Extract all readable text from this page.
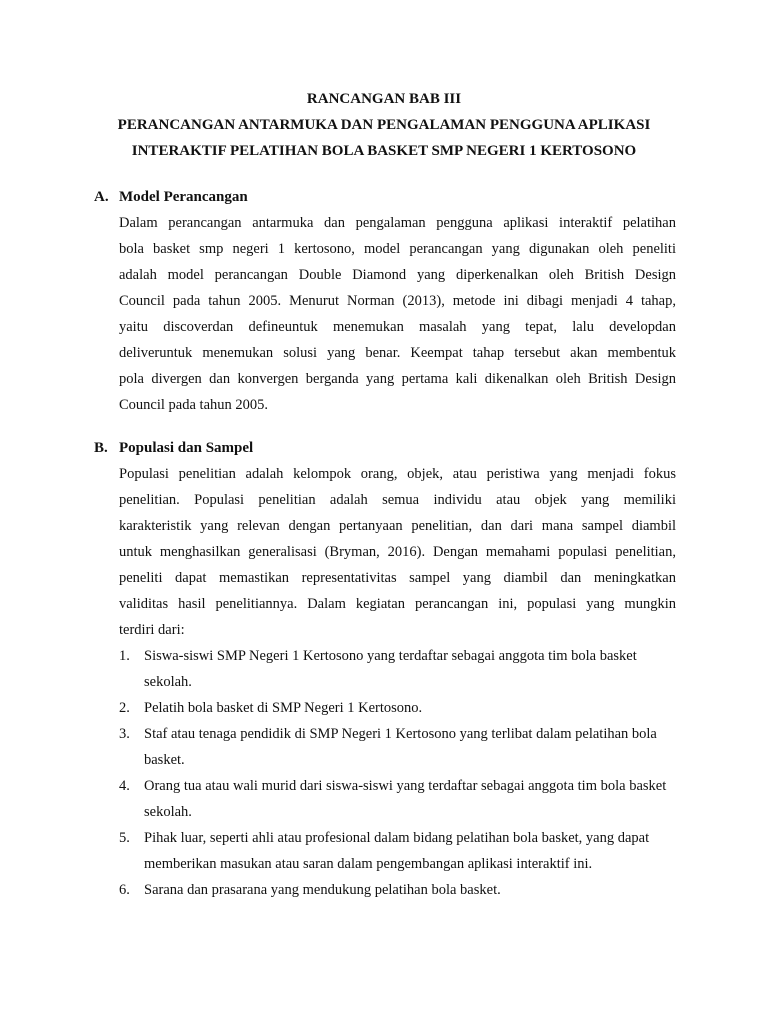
RANCANGAN BAB III
PERANCANGAN ANTARMUKA DAN PENGALAMAN PENGGUNA APLIKASI
INTERAKTIF PELATIHAN BOLA BASKET SMP NEGERI 1 KERTOSONO
A. Model Perancangan
Dalam perancangan antarmuka dan pengalaman pengguna aplikasi interaktif pelatihan
bola basket smp negeri 1 kertosono, model perancangan yang digunakan oleh peneliti
adalah model perancangan Double Diamond yang diperkenalkan oleh British Design
Council pada tahun 2005. Menurut Norman (2013), metode ini dibagi menjadi 4 tahap,
yaitu discoverdan defineuntuk menemukan masalah yang tepat, lalu developdan
deliveruntuk menemukan solusi yang benar. Keempat tahap tersebut akan membentuk
pola divergen dan konvergen berganda yang pertama kali dikenalkan oleh British Design
Council pada tahun 2005.
B. Populasi dan Sampel
Populasi penelitian adalah kelompok orang, objek, atau peristiwa yang menjadi fokus
penelitian. Populasi penelitian adalah semua individu atau objek yang memiliki
karakteristik yang relevan dengan pertanyaan penelitian, dan dari mana sampel diambil
untuk menghasilkan generalisasi (Bryman, 2016). Dengan memahami populasi penelitian,
peneliti dapat memastikan representativitas sampel yang diambil dan meningkatkan
validitas hasil penelitiannya. Dalam kegiatan perancangan ini, populasi yang mungkin
terdiri dari:
1. Siswa-siswi SMP Negeri 1 Kertosono yang terdaftar sebagai anggota tim bola basket sekolah.
2. Pelatih bola basket di SMP Negeri 1 Kertosono.
3. Staf atau tenaga pendidik di SMP Negeri 1 Kertosono yang terlibat dalam pelatihan bola basket.
4. Orang tua atau wali murid dari siswa-siswi yang terdaftar sebagai anggota tim bola basket sekolah.
5. Pihak luar, seperti ahli atau profesional dalam bidang pelatihan bola basket, yang dapat memberikan masukan atau saran dalam pengembangan aplikasi interaktif ini.
6. Sarana dan prasarana yang mendukung pelatihan bola basket.
